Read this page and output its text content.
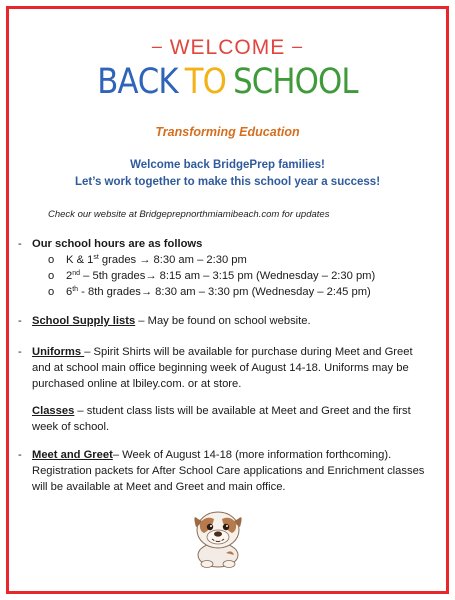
– WELCOME –
BACK TO SCHOOL
Transforming Education
Welcome back BridgePrep families!
Let’s work together to make this school year a success!
Check our website at Bridgeprepnorthmiamibeach.com for updates
- Our school hours are as follows
o	K & 1st grades → 8:30 am – 2:30 pm
o	2nd – 5th grades→ 8:15 am – 3:15 pm (Wednesday – 2:30 pm)
o	6th - 8th grades→ 8:30 am – 3:30 pm (Wednesday – 2:45 pm)
- School Supply lists – May be found on school website.
- Uniforms – Spirit Shirts will be available for purchase during Meet and Greet and at school main office beginning week of August 14-18. Uniforms may be purchased online at lbiley.com. or at store.
Classes – student class lists will be available at Meet and Greet and the first week of school.
- Meet and Greet– Week of August 14-18 (more information forthcoming). Registration packets for After School Care applications and Enrichment classes will be available at Meet and Greet and main office.
